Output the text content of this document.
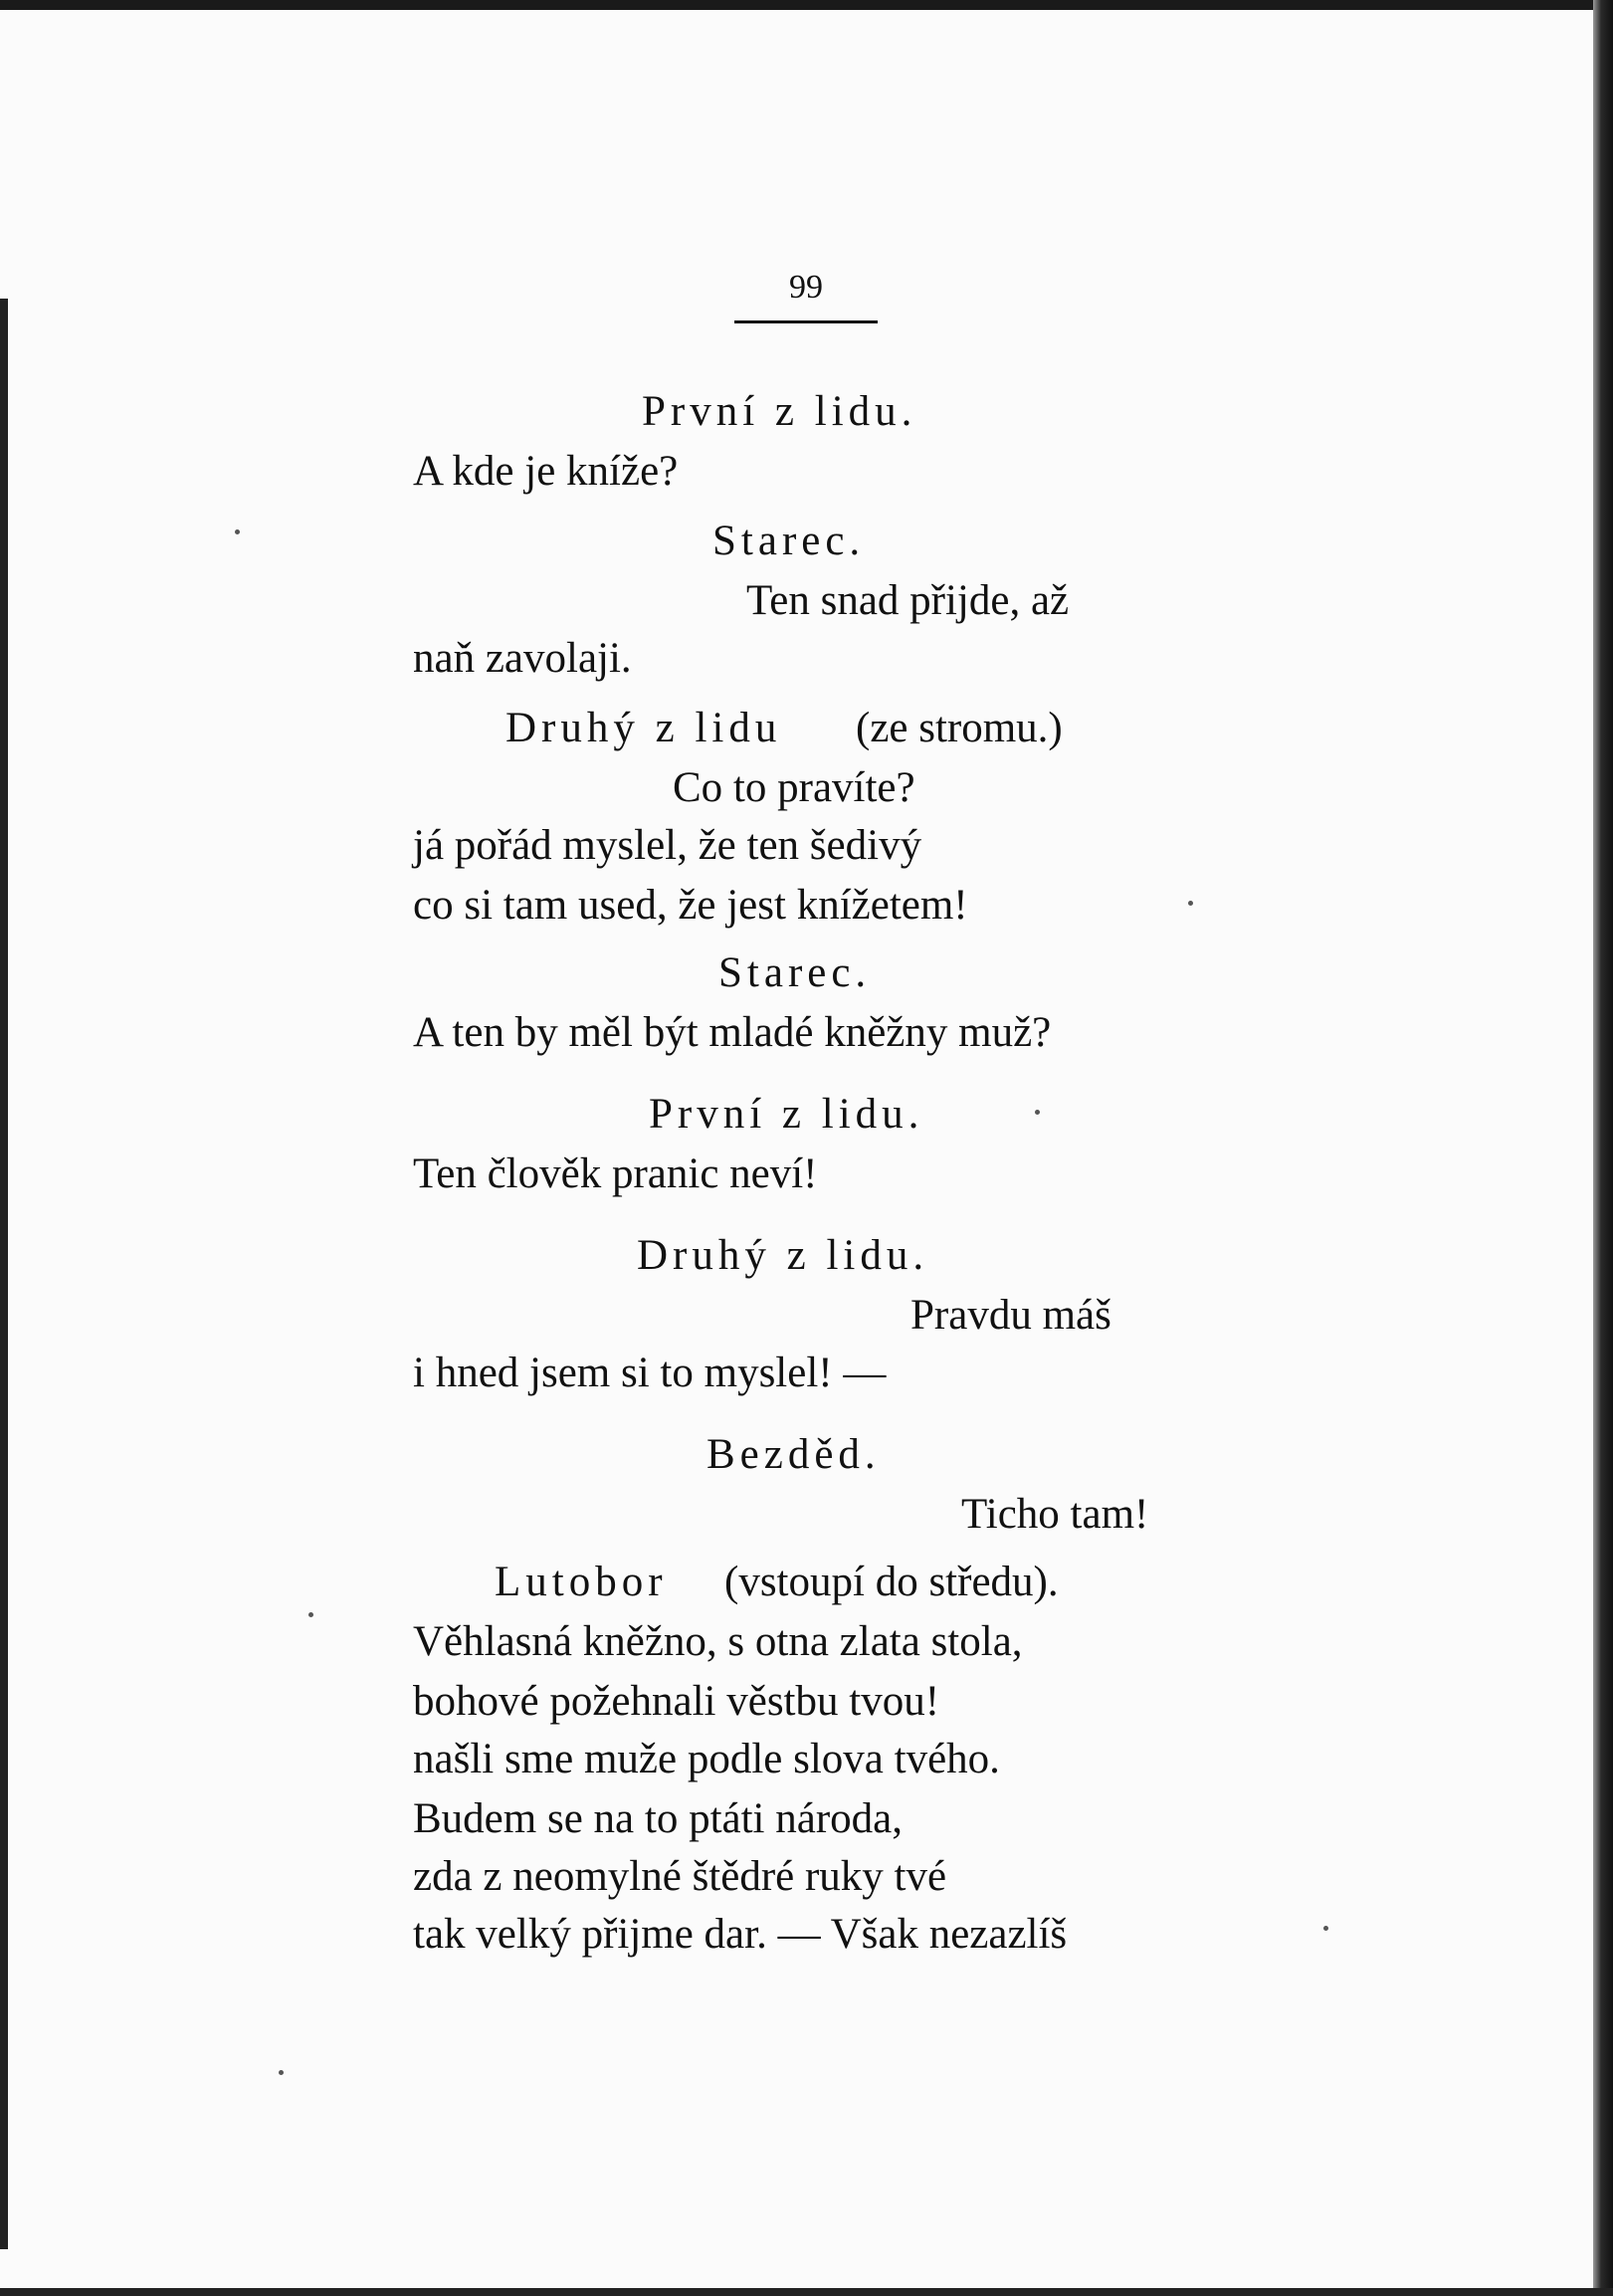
99
První z lidu.
A kde je kníže?
Starec.
Ten snad přijde, až
naň zavolaji.
Druhý z lidu (ze stromu.)
Co to pravíte?
já pořád myslel, že ten šedivý
co si tam used, že jest knížetem!
Starec.
A ten by měl být mladé kněžny muž?
První z lidu.
Ten člověk pranic neví!
Druhý z lidu.
Pravdu máš
i hned jsem si to myslel! —
Bezděd.
Ticho tam!
Lutobor (vstoupí do středu).
Věhlasná kněžno, s otna zlata stola,
bohové požehnali věstbu tvou!
našli sme muže podle slova tvého.
Budem se na to ptáti národa,
zda z neomylné štědré ruky tvé
tak velký přijme dar. — Však nezazlíš
